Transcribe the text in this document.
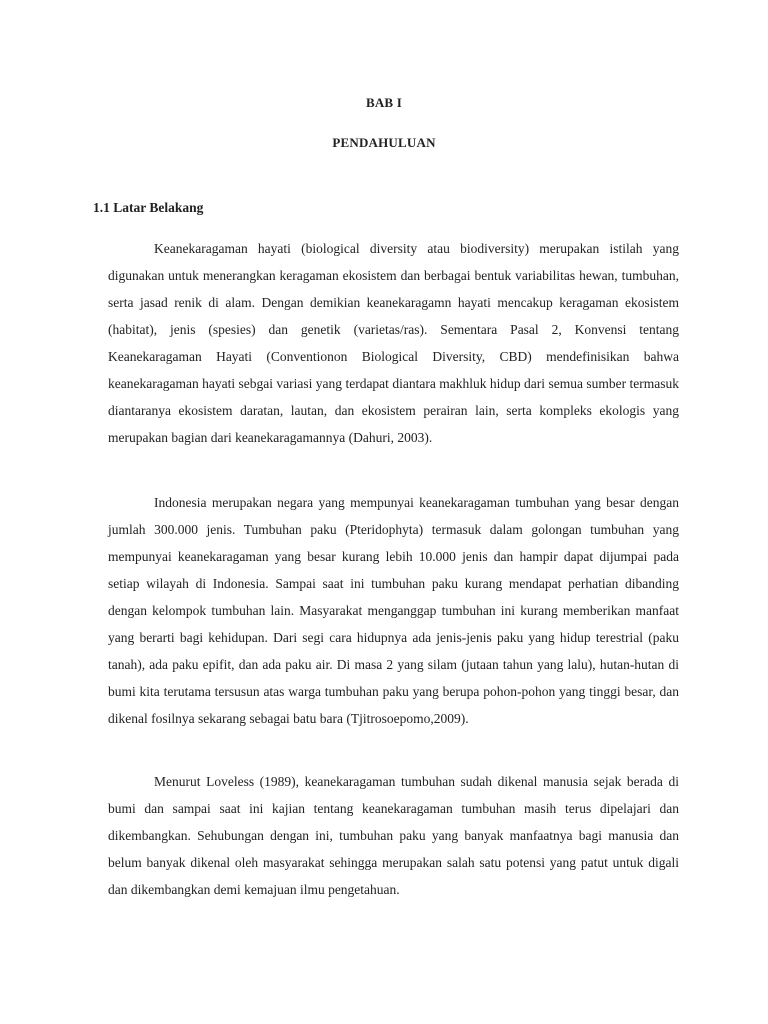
BAB I
PENDAHULUAN
1.1 Latar Belakang

Keanekaragaman hayati (biological diversity atau biodiversity) merupakan istilah yang digunakan untuk menerangkan keragaman ekosistem dan berbagai bentuk variabilitas hewan, tumbuhan, serta jasad renik di alam. Dengan demikian keanekaragamn hayati mencakup keragaman ekosistem (habitat), jenis (spesies) dan genetik (varietas/ras). Sementara Pasal 2, Konvensi tentang Keanekaragaman Hayati (Conventionon Biological Diversity, CBD) mendefinisikan bahwa keanekaragaman hayati sebgai variasi yang terdapat diantara makhluk hidup dari semua sumber termasuk diantaranya ekosistem daratan, lautan, dan ekosistem perairan lain, serta kompleks ekologis yang merupakan bagian dari keanekaragamannya (Dahuri, 2003).

Indonesia merupakan negara yang mempunyai keanekaragaman tumbuhan yang besar dengan jumlah 300.000 jenis. Tumbuhan paku (Pteridophyta) termasuk dalam golongan tumbuhan yang mempunyai keanekaragaman yang besar kurang lebih 10.000 jenis dan hampir dapat dijumpai pada setiap wilayah di Indonesia. Sampai saat ini tumbuhan paku kurang mendapat perhatian dibanding dengan kelompok tumbuhan lain. Masyarakat menganggap tumbuhan ini kurang memberikan manfaat yang berarti bagi kehidupan. Dari segi cara hidupnya ada jenis-jenis paku yang hidup terestrial (paku tanah), ada paku epifit, dan ada paku air. Di masa 2 yang silam (jutaan tahun yang lalu), hutan-hutan di bumi kita terutama tersusun atas warga tumbuhan paku yang berupa pohon-pohon yang tinggi besar, dan dikenal fosilnya sekarang sebagai batu bara (Tjitrosoepomo,2009).

Menurut Loveless (1989), keanekaragaman tumbuhan sudah dikenal manusia sejak berada di bumi dan sampai saat ini kajian tentang keanekaragaman tumbuhan masih terus dipelajari dan dikembangkan. Sehubungan dengan ini, tumbuhan paku yang banyak manfaatnya bagi manusia dan belum banyak dikenal oleh masyarakat sehingga merupakan salah satu potensi yang patut untuk digali dan dikembangkan demi kemajuan ilmu pengetahuan.
